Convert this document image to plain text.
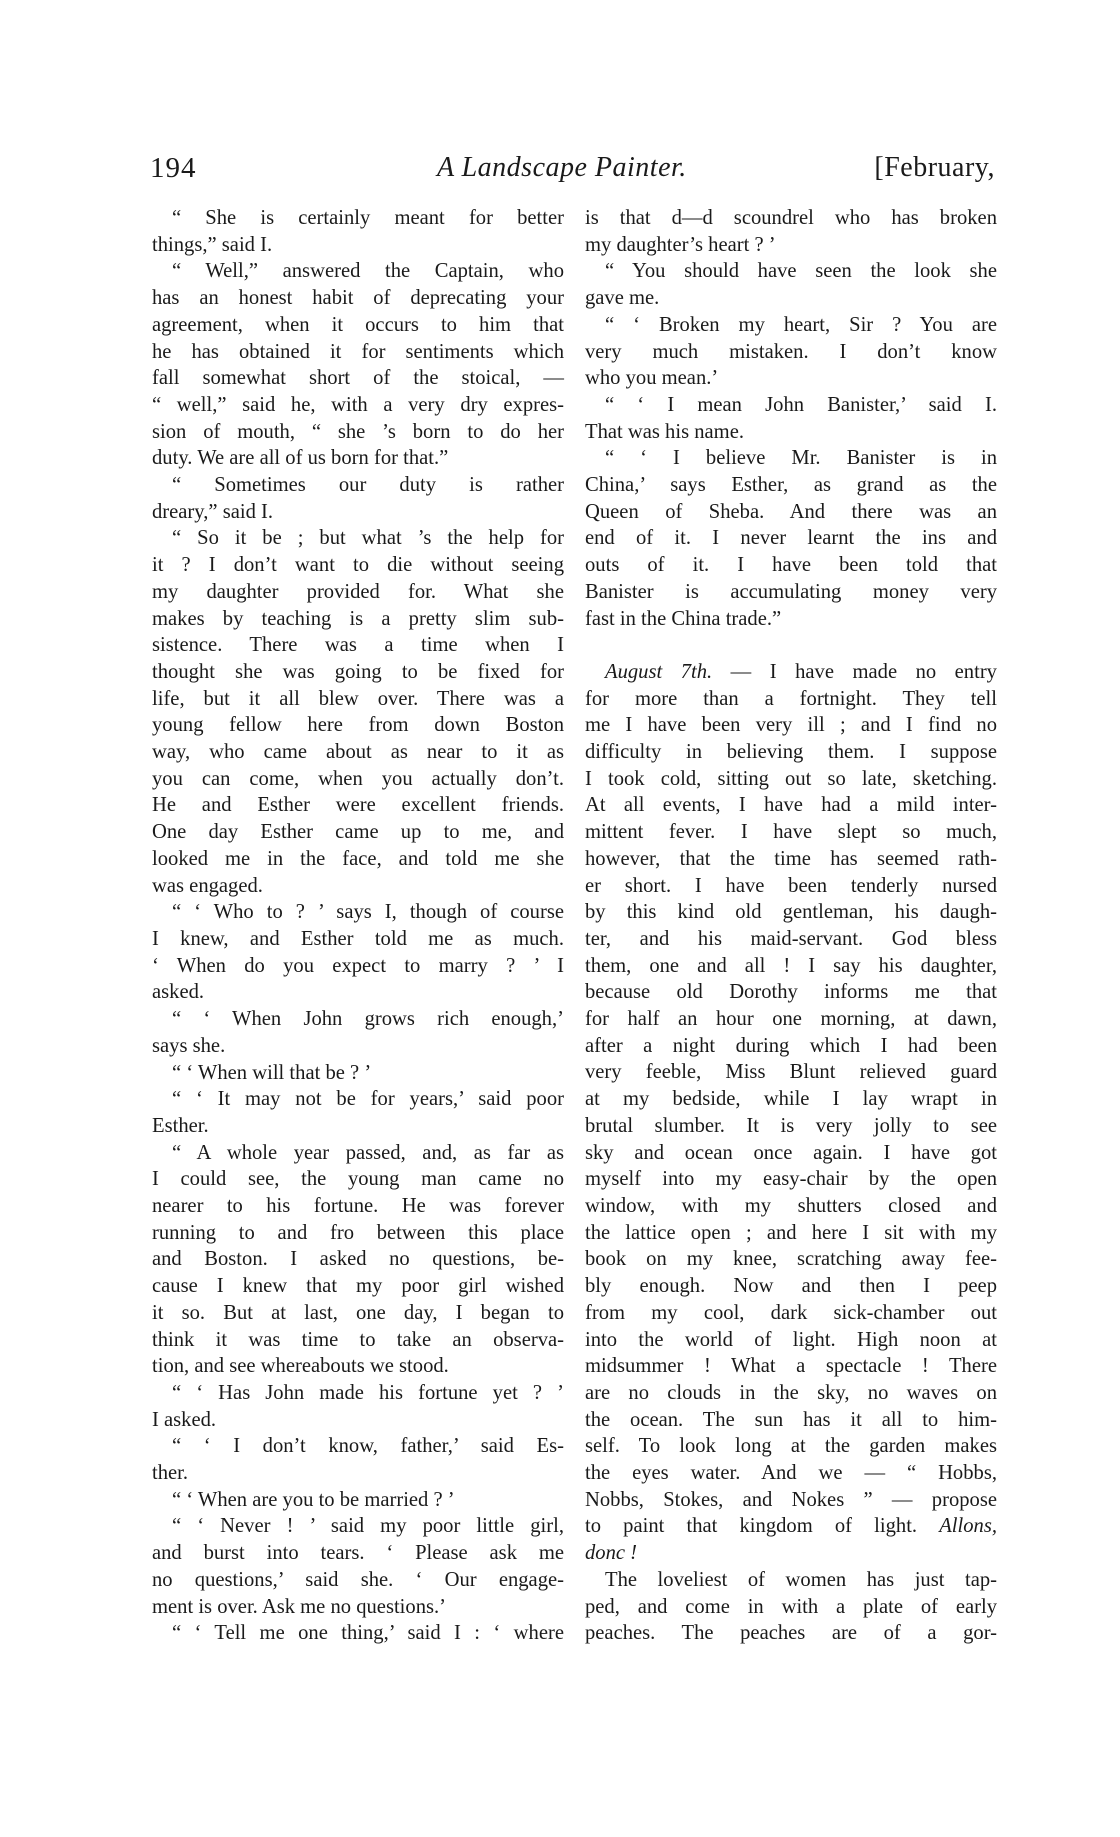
194	A Landscape Painter.	[February,
“ She is certainly meant for better
things,” said I.
“ Well,” answered the Captain, who
has an honest habit of deprecating your
agreement, when it occurs to him that
he has obtained it for sentiments which
fall somewhat short of the stoical, —
“ well,” said he, with a very dry expres-
sion of mouth, “ she ’s born to do her
duty. We are all of us born for that.”
“ Sometimes our duty is rather
dreary,” said I.
“ So it be ; but what ’s the help for
it ? I don’t want to die without seeing
my daughter provided for. What she
makes by teaching is a pretty slim sub-
sistence. There was a time when I
thought she was going to be fixed for
life, but it all blew over. There was a
young fellow here from down Boston
way, who came about as near to it as
you can come, when you actually don’t.
He and Esther were excellent friends.
One day Esther came up to me, and
looked me in the face, and told me she
was engaged.
“ ‘ Who to ? ’ says I, though of course
I knew, and Esther told me as much.
‘ When do you expect to marry ? ’ I
asked.
“ ‘ When John grows rich enough,’
says she.
“ ‘ When will that be ? ’
“ ‘ It may not be for years,’ said poor
Esther.
“ A whole year passed, and, as far as
I could see, the young man came no
nearer to his fortune. He was forever
running to and fro between this place
and Boston. I asked no questions, be-
cause I knew that my poor girl wished
it so. But at last, one day, I began to
think it was time to take an observa-
tion, and see whereabouts we stood.
“ ‘ Has John made his fortune yet ? ’
I asked.
“ ‘ I don’t know, father,’ said Es-
ther.
“ ‘ When are you to be married ? ’
“ ‘ Never ! ’ said my poor little girl,
and burst into tears. ‘ Please ask me
no questions,’ said she. ‘ Our engage-
ment is over. Ask me no questions.’
“ ‘ Tell me one thing,’ said I : ‘ where
is that d—d scoundrel who has broken
my daughter’s heart ? ’
“ You should have seen the look she
gave me.
“ ‘ Broken my heart, Sir ? You are
very much mistaken. I don’t know
who you mean.’
“ ‘ I mean John Banister,’ said I.
That was his name.
“ ‘ I believe Mr. Banister is in
China,’ says Esther, as grand as the
Queen of Sheba. And there was an
end of it. I never learnt the ins and
outs of it. I have been told that
Banister is accumulating money very
fast in the China trade.”
August 7th. — I have made no entry
for more than a fortnight. They tell
me I have been very ill ; and I find no
difficulty in believing them. I suppose
I took cold, sitting out so late, sketching.
At all events, I have had a mild inter-
mittent fever. I have slept so much,
however, that the time has seemed rath-
er short. I have been tenderly nursed
by this kind old gentleman, his daugh-
ter, and his maid-servant. God bless
them, one and all ! I say his daughter,
because old Dorothy informs me that
for half an hour one morning, at dawn,
after a night during which I had been
very feeble, Miss Blunt relieved guard
at my bedside, while I lay wrapt in
brutal slumber. It is very jolly to see
sky and ocean once again. I have got
myself into my easy-chair by the open
window, with my shutters closed and
the lattice open ; and here I sit with my
book on my knee, scratching away fee-
bly enough. Now and then I peep
from my cool, dark sick-chamber out
into the world of light. High noon at
midsummer ! What a spectacle ! There
are no clouds in the sky, no waves on
the ocean. The sun has it all to him-
self. To look long at the garden makes
the eyes water. And we — “ Hobbs,
Nobbs, Stokes, and Nokes ” — propose
to paint that kingdom of light. Allons,
donc !
The loveliest of women has just tap-
ped, and come in with a plate of early
peaches. The peaches are of a gor-
